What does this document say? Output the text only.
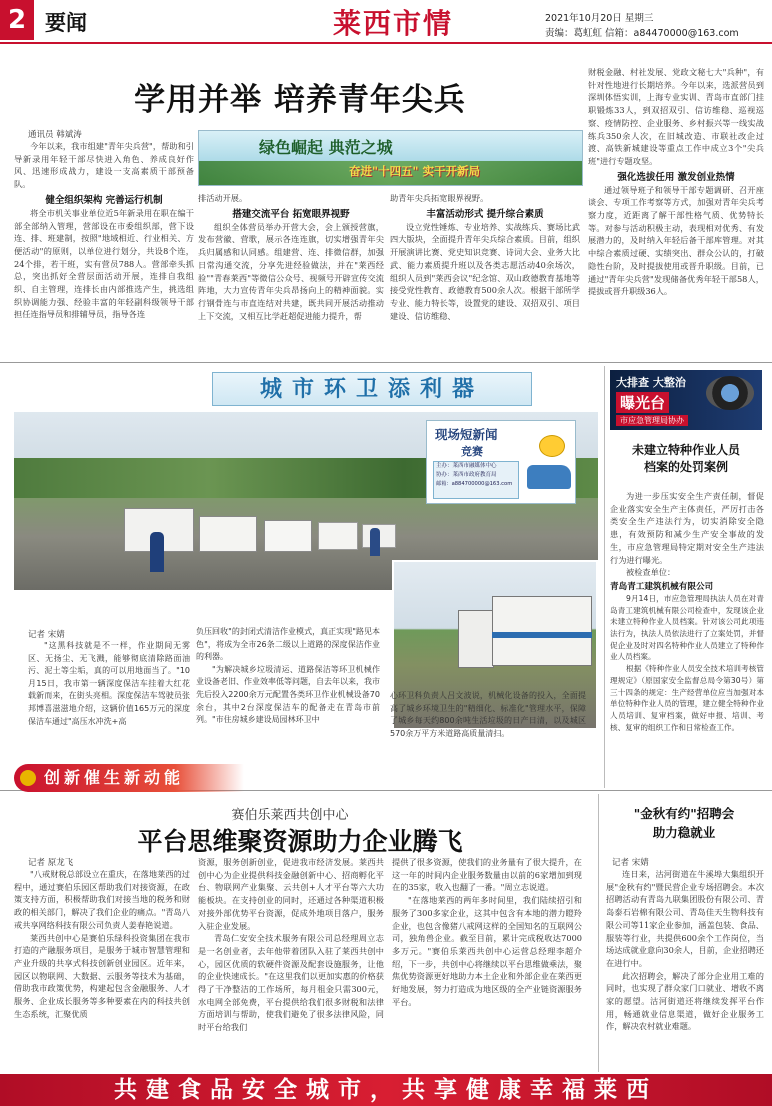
2 要闻	莱西市情	2021年10月20日 星期三
责编：葛虹虹 信箱：a84470000@163.com
学用并举 培养青年尖兵
通讯员 韩斌涛
绿色崛起 典范之城
奋进"十四五" 实干开新局

今年以来，我市组建"青年尖兵营"，帮助和引导新录用年轻干部尽快进入角色、养成良好作风、迅速形成战力，建设一支高素质干部预备队。

健全组织架构 完善运行机制

将全市机关事业单位近5年新录用在职在编干部全部纳入管理，营部设在市委组织部，营下设连、排、班建制，按照"地域相近、行业相关、方便活动"的原则，以单位进行划分，共设8个连，24个排，若干班，实有营员788人。营部牵头抓总，突出抓好全营层面活动开展，连排自我组织、自主管理，连排长由内部推选产生，挑选组织协调能力强、经验丰富的年轻副科级领导干部担任连指导员和排辅导员，指导各连

排活动开展。

搭建交流平台 拓宽眼界视野

组织全体营员举办开营大会，会上颁授营旗，发布营徽、营歌，展示各连连旗，切实增强青年尖兵归属感和认同感。组建营、连、排微信群，加强日常沟通交流，分享先进经验做法，并在"莱西经验""青春莱西"等微信公众号、视频号开辟宣传交流阵地，大力宣传青年尖兵昂扬向上的精神面貌。实行钢骨连与市直连结对共建，既共同开展活动推动上下交流，又相互比学赶超促进能力提升，帮

助青年尖兵拓宽眼界视野。

丰富活动形式 提升综合素质

设立党性锤炼、专业培养、实战练兵、赛场比武四大版块，全面提升青年尖兵综合素质。目前，组织开展演讲比赛、党史知识竞赛、诗词大会、业务大比武、能力素质提升班以及各类志愿活动40余场次，组织人员到"莱西会议"纪念馆、双山政德教育基地等接受党性教育、政德教育500余人次。根据干部所学专业、能力特长等，设置党的建设、双招双引、项目建设、信访维稳、

财税金融、村社发展、党政文秘七大"兵种"，有针对性地进行长期培养。今年以来，选派营员到深圳体悟实训，上海专业实训、青岛市直部门挂职锻炼33人，到双招双引、信访维稳、巡视巡察、疫情防控、企业服务、乡村振兴等一线实战练兵350余人次，在旧城改造、市联社改企过渡、高铁新城建设等重点工作中成立3个"尖兵班"进行专题攻坚。

强化选拔任用 激发创业热情

通过领导班子和领导干部专题调研、召开座谈会、专项工作考察等方式，加强对青年尖兵考察力度，近距离了解干部性格气质、优势特长等。对参与活动积极主动，表现相对优秀、有发展潜力的，及时纳入年轻后备干部库管理。对其中综合素质过硬、实绩突出、群众公认的，打破隐性台阶，及时提拔使用或晋升职级。目前，已通过"青年尖兵营"发现储备优秀年轻干部58人，提拔或晋升职级36人。

城市环卫添利器
现场短新闻
竞赛
主办：莱西市融媒体中心
协办：莱西市政府教育局
邮箱：a884700000@163.com
记者 宋婧

"这黑科技就是不一样，作业期间无雾区、无扬尘、无飞溅，能够彻底清除路面油污、泥土等尘垢，真的可以用地面当了。"10月15日，我市第一辆深度保洁车挂着大红花载新而来，在街头亮相。深度保洁车驾驶员张邦博喜滋滋地介绍，这辆价值165万元的深度保洁车通过"高压水冲洗+高

负压回收"的封闭式清洁作业模式，真正实现"路见本色"，将成为全市26条二级以上道路的深度保洁作业的利器。

"为解决城乡垃圾清运、道路保洁等环卫机械作业设备老旧、作业效率低等问题，自去年以来，我市先后投入2200余万元配置各类环卫作业机械设备70余台，其中2台深度保洁车的配备走在青岛市前列。"市住房城乡建设局园林环卫中

心环卫科负责人吕文波说，机械化设备的投入，全面提高了城乡环境卫生的"精细化、标准化"管理水平，保障了城乡每天约800余吨生活垃圾的日产日清，以及城区570余万平方米道路高质量清扫。

大排查 大整治
曝光台
市应急管理局协办
未建立特种作业人员
档案的处罚案例

为进一步压实安全生产责任制，督促企业落实安全生产主体责任，严厉打击各类安全生产违法行为，切实消除安全隐患，有效预防和减少生产安全事故的发生，市应急管理局特定期对安全生产违法行为进行曝光。

被检查单位：

青岛青工建筑机械有限公司

9月14日，市应急管理局执法人员在对青岛青工建筑机械有限公司检查中，发现该企业未建立特种作业人员档案。针对该公司此项违法行为，执法人员依法进行了立案处罚，并督促企业及时对四名特种作业人员建立了特种作业人员档案。

根据《特种作业人员安全技术培训考核管理规定》（原国家安全监督总局令第30号）第三十四条的规定：生产经营单位应当加强对本单位特种作业人员的管理，建立健全特种作业人员培训、复审档案，做好申报、培训、考核、复审的组织工作和日常检查工作。

创新催生新动能
赛伯乐莱西共创中心
平台思维聚资源助力企业腾飞
记者 原龙飞

"八戒财税总部设立在重庆，在落地莱西的过程中，通过赛伯乐园区帮助我们对接资源，在政策支持方面，积极帮助我们对接当地的税务和财政的相关部门，解决了我们企业的痛点。"青岛八戒共享网络科技有限公司负责人姜春艳说道。

莱西共创中心是赛伯乐绿科投资集团在我市打造的产融服务项目，是服务于城市智慧管理和产业升级的共享式科技创新创业园区。近年来，园区以物联网、大数据、云服务等技术为基础，借助我市政策优势，构建起包含金融服务、人才服务、企业成长服务等多种要素在内的科技共创生态系统，汇聚优质

资源，服务创新创业，促进我市经济发展。莱西共创中心为企业提供科技金融创新中心、招商孵化平台、物联网产业集聚、云共创+人才平台等六大功能板块。在支持创业的同时，还通过各种渠道积极对接外部优势平台资源，促成外地项目落户，服务入驻企业发展。

青岛仁安安全技术服务有限公司总经理周立志是一名创业者，去年他带着团队入驻了莱西共创中心，园区优质的软硬件资源及配套设施服务，让他的企业快速成长。"在这里我们以更加实惠的价格获得了干净整洁的工作场所，每月租金只需300元，水电网全部免费，平台提供给我们很多财税和法律方面培训与帮助，使我们避免了很多法律风险，同时平台给我们

提供了很多资源，使我们的业务量有了很大提升，在这一年的时间内企业服务数量由以前的6家增加到现在的35家，收入也翻了一番。"周立志说道。

"在落地莱西的两年多时间里，我们陆续招引和服务了300多家企业，这其中包含有本地的潜力瞪羚企业，也包含像猪八戒网这样的全国知名的互联网公司，独角兽企业。截至目前，累计完成税收达7000多万元。"赛伯乐莱西共创中心运营总经理李超介绍，下一步，共创中心将继续以平台思维做乘法，聚焦优势资源更好地助力本土企业和外部企业在莱西更好地发展，努力打造成为地区级的全产业链资源服务平台。

"金秋有约"招聘会
助力稳就业
记者 宋婧

连日来，沽河街道在牛溪埠大集组织开展"金秋有约"暨民营企业专场招聘会。本次招聘活动有青岛九联集团股份有限公司、青岛泰石岩棉有限公司、青岛佳天生物科技有限公司等11家企业参加，涵盖包装、食品、服装等行业，共提供600余个工作岗位，当场达成就业意向30余人，目前，企业招聘还在进行中。

此次招聘会，解决了部分企业用工难的同时，也实现了群众家门口就业、增收不离家的愿望。沽河街道还将继续发挥平台作用，畅通就业信息渠道，做好企业服务工作，解决农村就业难题。

共建食品安全城市，共享健康幸福莱西
